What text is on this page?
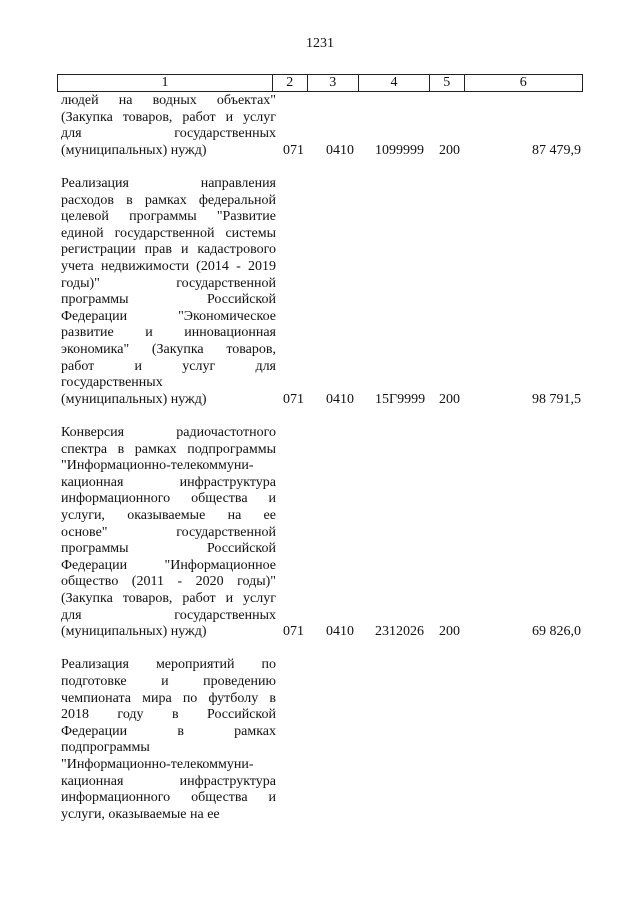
1231
1	2	3	4	5	6
людей на водных объектах"
(Закупка товаров, работ и услуг
для государственных
(муниципальных) нужд)	071 0410 1099999 200	87 479,9
Реализация направления
расходов в рамках федеральной
целевой программы "Развитие
единой государственной системы
регистрации прав и кадастрового
учета недвижимости (2014 - 2019
годы)" государственной
программы Российской
Федерации "Экономическое
развитие и инновационная
экономика" (Закупка товаров,
работ и услуг для
государственных
(муниципальных) нужд)	071 0410 15Г9999 200	98 791,5
Конверсия радиочастотного
спектра в рамках подпрограммы
"Информационно-телекоммуни-
кационная инфраструктура
информационного общества и
услуги, оказываемые на ее
основе" государственной
программы Российской
Федерации "Информационное
общество (2011 - 2020 годы)"
(Закупка товаров, работ и услуг
для государственных
(муниципальных) нужд)	071 0410 2312026 200	69 826,0
Реализация мероприятий по
подготовке и проведению
чемпионата мира по футболу в
2018 году в Российской
Федерации в рамках
подпрограммы
"Информационно-телекоммуни-
кационная инфраструктура
информационного общества и
услуги, оказываемые на ее
